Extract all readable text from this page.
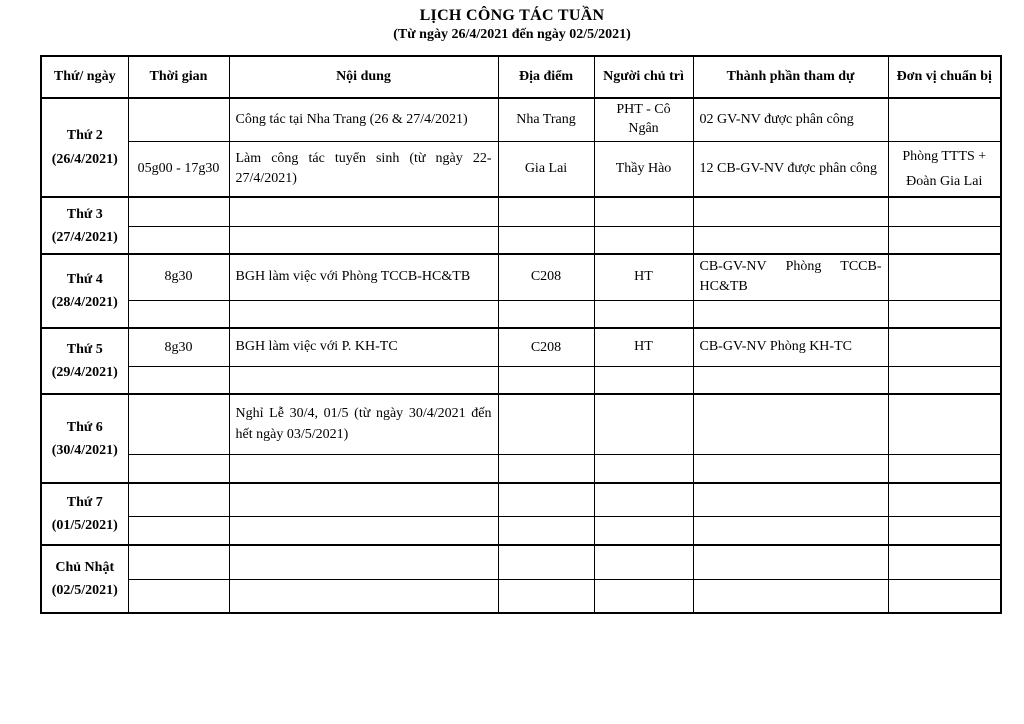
LỊCH CÔNG TÁC TUẦN
(Từ ngày 26/4/2021 đến ngày 02/5/2021)
Thứ/ ngày	Thời gian	Nội dung	Địa điểm	Người chủ trì	Thành phần tham dự	Đơn vị chuẩn bị

Thứ 2
(26/4/2021)		Công tác tại Nha Trang (26 & 27/4/2021)	Nha Trang	PHT - Cô Ngân	02 GV-NV được phân công	
	05g00 - 17g30	Làm công tác tuyển sinh (từ ngày 22-27/4/2021)	Gia Lai	Thầy Hào	12 CB-GV-NV được phân công	Phòng TTTS + Đoàn Gia Lai

Thứ 3
(27/4/2021)						

Thứ 4
(28/4/2021)	8g30	BGH làm việc với Phòng TCCB-HC&TB	C208	HT	CB-GV-NV Phòng TCCB-HC&TB	

Thứ 5
(29/4/2021)	8g30	BGH làm việc với P. KH-TC	C208	HT	CB-GV-NV Phòng KH-TC	

Thứ 6
(30/4/2021)		Nghỉ Lễ 30/4, 01/5 (từ ngày 30/4/2021 đến hết ngày 03/5/2021)				

Thứ 7
(01/5/2021)						

Chủ Nhật
(02/5/2021)						
